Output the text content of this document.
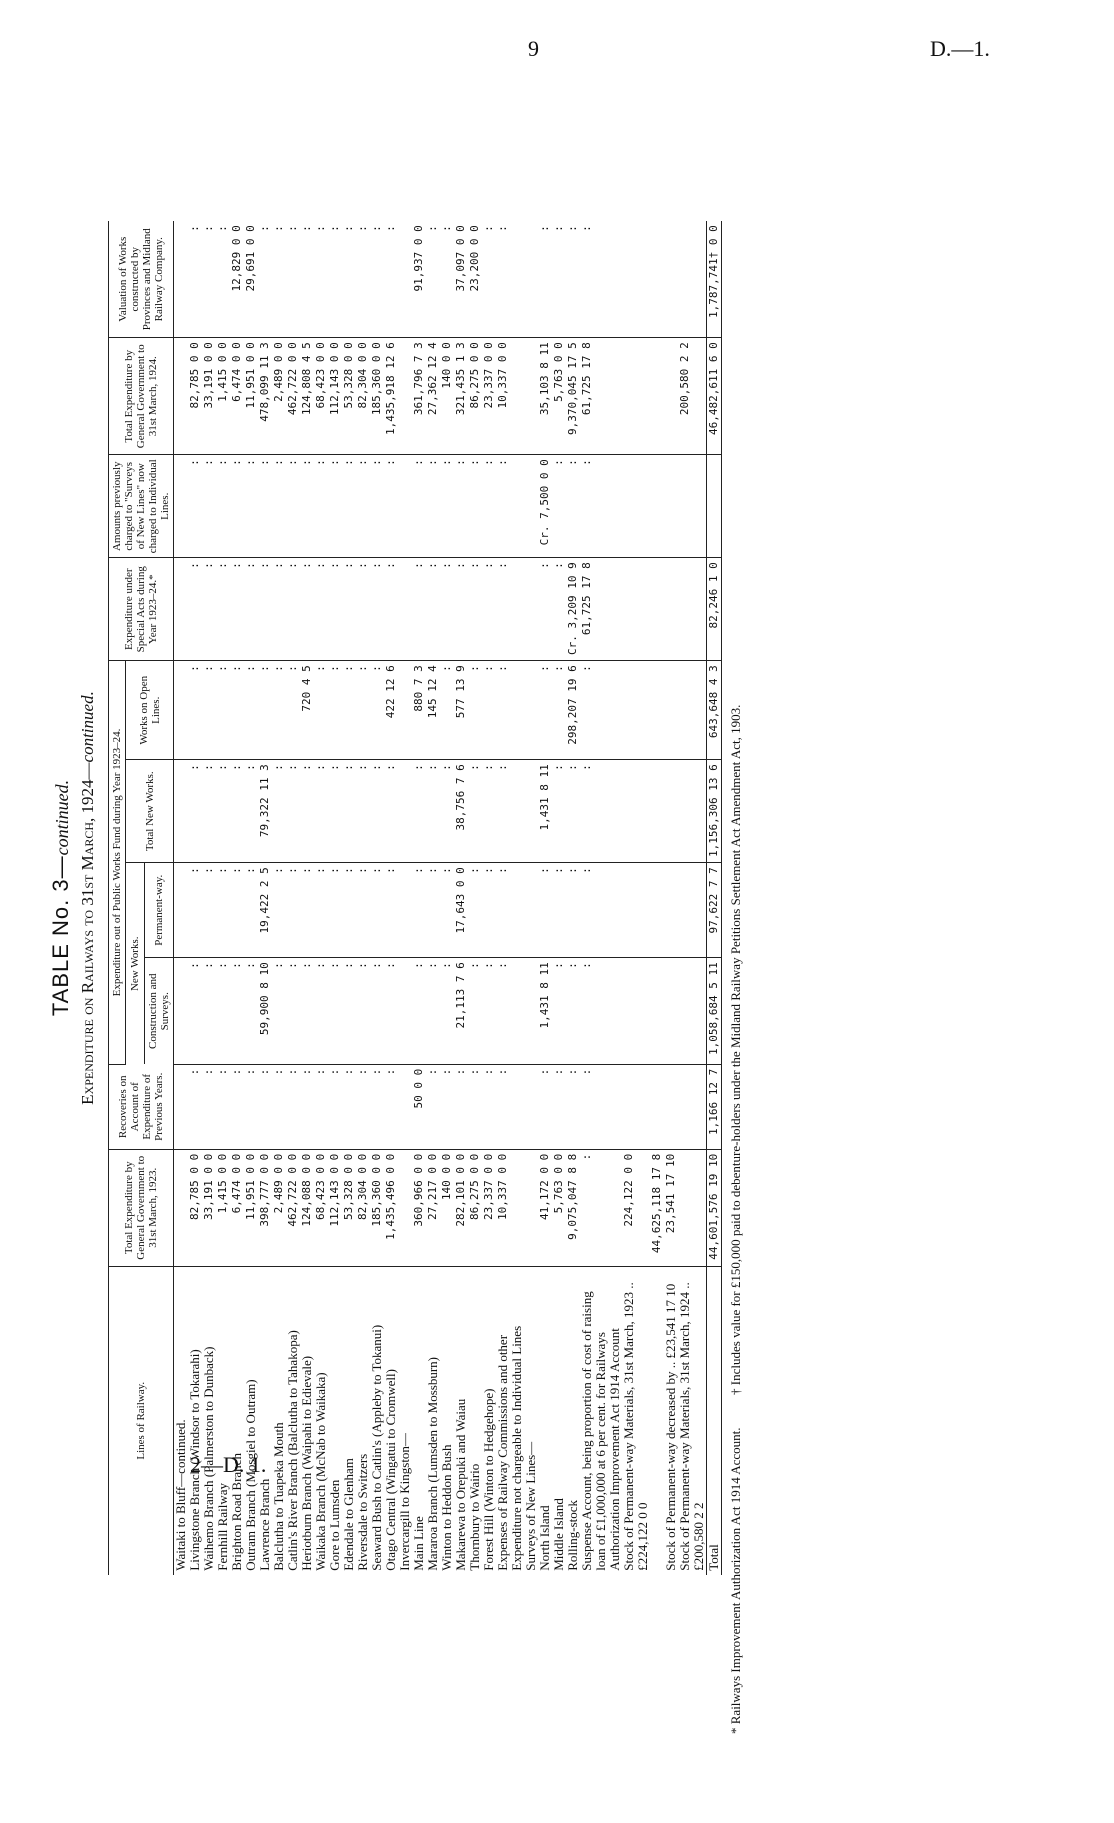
9	D.—1.
2—D. 1.
TABLE No. 3—continued. Expenditure on Railways to 31st March, 1924—continued.
Lines of Railway.	Total Expenditure by General Government to 31st March, 1923.	Recoveries on Account of Expenditure of Previous Years.	Expenditure out of Public Works Fund during Year 1923–24.				Expenditure under Special Acts during Year 1923–24.*	Amounts previously charged to "Surveys of New Lines" now charged to Individual Lines.	Total Expenditure by General Government to 31st March, 1924.	Valuation of Works constructed by Provinces and Midland Railway Company.
			New Works.		Total New Works.	Works on Open Lines.				
			Construction and Surveys.	Permanent-way.						
Waitaki to Bluff—continued.										
Livingstone Branch (Windsor to Tokarahi)	82,785 0 0	:	:	:	:	:	:	:	82,785 0 0	:
Waihemo Branch (Palmerston to Dunback)	33,191 0 0	:	:	:	:	:	:	:	33,191 0 0	:
Fernhill Railway	1,415 0 0	:	:	:	:	:	:	:	1,415 0 0	:
Brighton Road Branch	6,474 0 0	:	:	:	:	:	:	:	6,474 0 0	12,829 0 0
Outram Branch (Mosgiel to Outram)	11,951 0 0	:	:	:	:	:	:	:	11,951 0 0	29,691 0 0
Lawrence Branch	398,777 0 0	:	59,900 8 10	19,422 2 5	79,322 11 3	:	:	:	478,099 11 3	:
Balclutha to Tuapeka Mouth	2,489 0 0	:	:	:	:	:	:	:	2,489 0 0	:
Catlin's River Branch (Balclutha to Tahakopa)	462,722 0 0	:	:	:	:	:	:	:	462,722 0 0	:
Heriotburn Branch (Waipahi to Edievale)	124,088 0 0	:	:	:	:	720 4 5	:	:	124,808 4 5	:
Waikaka Branch (McNab to Waikaka)	68,423 0 0	:	:	:	:	:	:	:	68,423 0 0	:
Gore to Lumsden	112,143 0 0	:	:	:	:	:	:	:	112,143 0 0	:
Edendale to Glenham	53,328 0 0	:	:	:	:	:	:	:	53,328 0 0	:
Riversdale to Switzers	82,304 0 0	:	:	:	:	:	:	:	82,304 0 0	:
Seaward Bush to Catlin's (Appleby to Tokanui)	185,360 0 0	:	:	:	:	:	:	:	185,360 0 0	:
Otago Central (Wingatui to Cromwell)	1,435,496 0 0	:	:	:	:	422 12 6	:	:	1,435,918 12 6	:
Invercargill to Kingston—										
Main Line	360,966 0 0	50 0 0	:	:	:	880 7 3	:	:	361,796 7 3	91,937 0 0
Mararoa Branch (Lumsden to Mossburn)	27,217 0 0	:	:	:	:	145 12 4	:	:	27,362 12 4	:
Winton to Heddon Bush	140 0 0	:	:	:	:	:	:	:	140 0 0	:
Makarewa to Orepuki and Waiau	282,101 0 0	:	21,113 7 6	17,643 0 0	38,756 7 6	577 13 9	:	:	321,435 1 3	37,097 0 0
Thornbury to Wairio	86,275 0 0	:	:	:	:	:	:	:	86,275 0 0	23,200 0 0
Forest Hill (Winton to Hedgehope)	23,337 0 0	:	:	:	:	:	:	:	23,337 0 0	:
Expenses of Railway Commissions and other Expenditure not chargeable to Individual Lines	10,337 0 0	:	:	:	:	:	:	:	10,337 0 0	:
Surveys of New Lines—										
North Island	41,172 0 0	:	1,431 8 11	:	1,431 8 11	:	:	Cr. 7,500 0 0	35,103 8 11	:
Middle Island	5,763 0 0	:	:	:	:	:	:	:	5,763 0 0	:
Rolling-stock	9,075,047 8 8	:	:	:	:	298,207 19 6	Cr. 3,209 10 9	:	9,370,045 17 5	:
Suspense Account, being proportion of cost of raising loan of £1,000,000 at 6 per cent. for Railways Authorization Improvement Act 1914 Account	:	:	:	:	:	:	61,725 17 8	:	61,725 17 8	:
Stock of Permanent-way Materials, 31st March, 1923 .. £224,122 0 0	224,122 0 0									
	44,625,118 17 8									
Stock of Permanent-way decreased by .. £23,541 17 10	23,541 17 10									
Stock of Permanent-way Materials, 31st March, 1924 .. £200,580 2 2									200,580 2 2	
Total	44,601,576 19 10	1,166 12 7	1,058,684 5 11	97,622 7 7	1,156,306 13 6	643,648 4 3	82,246 1 0		46,482,611 6 0	1,787,741† 0 0
* Railways Improvement Authorization Act 1914 Account.          † Includes value for £150,000 paid to debenture-holders under the Midland Railway Petitions Settlement Act Amendment Act, 1903.
